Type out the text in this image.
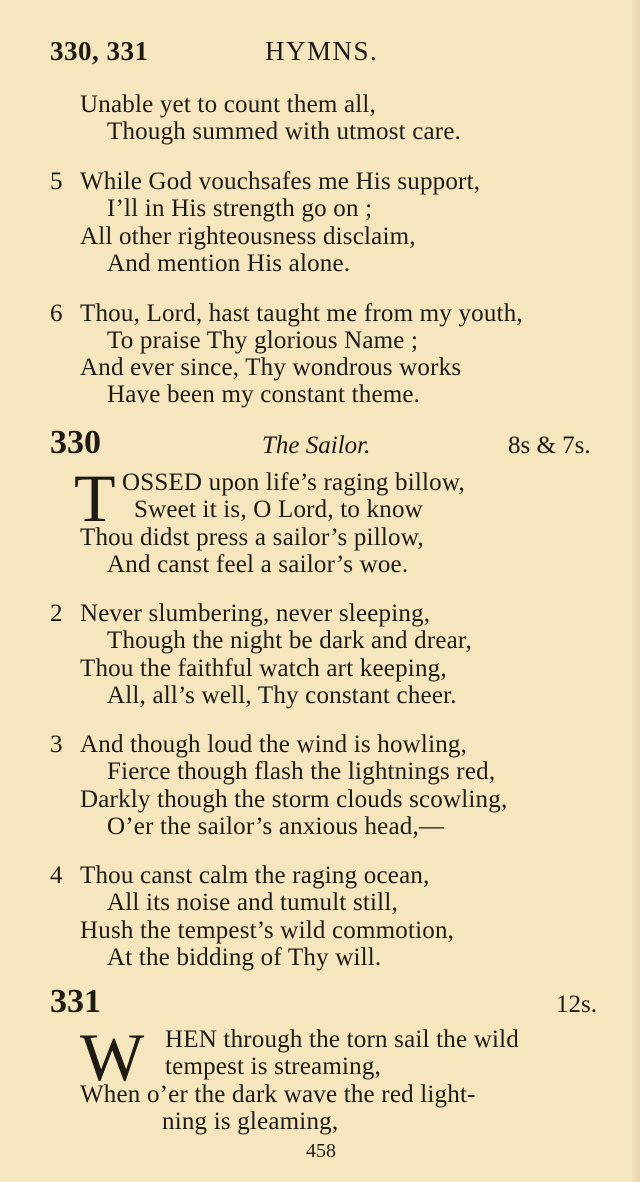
330, 331	HYMNS.
Unable yet to count them all,
Though summed with utmost care.
5 While God vouchsafes me His support,
I’ll in His strength go on ;
All other righteousness disclaim,
And mention His alone.
6 Thou, Lord, hast taught me from my youth,
To praise Thy glorious Name ;
And ever since, Thy wondrous works
Have been my constant theme.
330	The Sailor.	8s & 7s.
T OSSED upon life’s raging billow,
Sweet it is, O Lord, to know
Thou didst press a sailor’s pillow,
And canst feel a sailor’s woe.
2 Never slumbering, never sleeping,
Though the night be dark and drear,
Thou the faithful watch art keeping,
All, all’s well, Thy constant cheer.
3 And though loud the wind is howling,
Fierce though flash the lightnings red,
Darkly though the storm clouds scowling,
O’er the sailor’s anxious head,—
4 Thou canst calm the raging ocean,
All its noise and tumult still,
Hush the tempest’s wild commotion,
At the bidding of Thy will.
331	12s.
W HEN through the torn sail the wild
tempest is streaming,
When o’er the dark wave the red light-
ning is gleaming,
458
